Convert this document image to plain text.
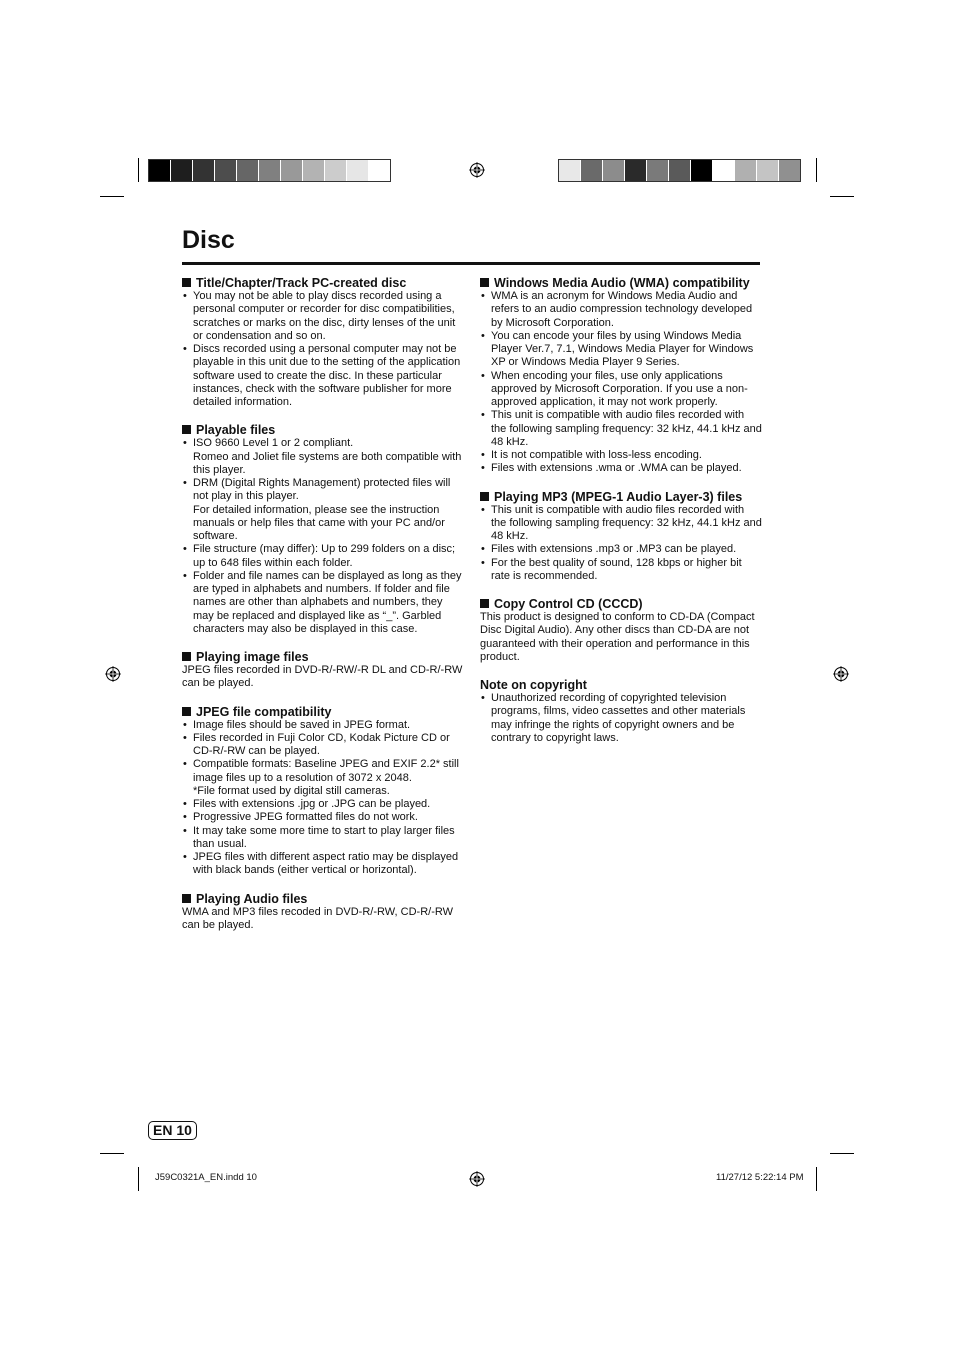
Disc
Title/Chapter/Track PC-created disc
• You may not be able to play discs recorded using a personal computer or recorder for disc compatibilities, scratches or marks on the disc, dirty lenses of the unit or condensation and so on.
• Discs recorded using a personal computer may not be playable in this unit due to the setting of the application software used to create the disc. In these particular instances, check with the software publisher for more detailed information.
Playable files
• ISO 9660 Level 1 or 2 compliant.
Romeo and Joliet file systems are both compatible with this player.
• DRM (Digital Rights Management) protected files will not play in this player.
For detailed information, please see the instruction manuals or help files that came with your PC and/or software.
• File structure (may differ): Up to 299 folders on a disc; up to 648 files within each folder.
• Folder and file names can be displayed as long as they are typed in alphabets and numbers. If folder and file names are other than alphabets and numbers, they may be replaced and displayed like as “_”. Garbled characters may also be displayed in this case.
Playing image files

JPEG files recorded in DVD-R/-RW/-R DL and CD-R/-RW can be played.

JPEG file compatibility
• Image files should be saved in JPEG format.
• Files recorded in Fuji Color CD, Kodak Picture CD or CD-R/-RW can be played.
• Compatible formats: Baseline JPEG and EXIF 2.2* still image files up to a resolution of 3072 x 2048.
*File format used by digital still cameras.
• Files with extensions .jpg or .JPG can be played.
• Progressive JPEG formatted files do not work.
• It may take some more time to start to play larger files than usual.
• JPEG files with different aspect ratio may be displayed with black bands (either vertical or horizontal).
Playing Audio files

WMA and MP3 files recoded in DVD-R/-RW, CD-R/-RW can be played.

Windows Media Audio (WMA) compatibility
• WMA is an acronym for Windows Media Audio and refers to an audio compression technology developed by Microsoft Corporation.
• You can encode your files by using Windows Media Player Ver.7, 7.1, Windows Media Player for Windows XP or Windows Media Player 9 Series.
• When encoding your files, use only applications approved by Microsoft Corporation. If you use a non-approved application, it may not work properly.
• This unit is compatible with audio files recorded with the following sampling frequency: 32 kHz, 44.1 kHz and 48 kHz.
• It is not compatible with loss-less encoding.
• Files with extensions .wma or .WMA can be played.
Playing MP3 (MPEG-1 Audio Layer-3) files
• This unit is compatible with audio files recorded with the following sampling frequency: 32 kHz, 44.1 kHz and 48 kHz.
• Files with extensions .mp3 or .MP3 can be played.
• For the best quality of sound, 128 kbps or higher bit rate is recommended.
Copy Control CD (CCCD)

This product is designed to conform to CD-DA (Compact Disc Digital Audio). Any other discs than CD-DA are not guaranteed with their operation and performance in this product.

Note on copyright
• Unauthorized recording of copyrighted television programs, films, video cassettes and other materials may infringe the rights of copyright owners and be contrary to copyright laws.
EN 10
J59C0321A_EN.indd 10	11/27/12 5:22:14 PM
